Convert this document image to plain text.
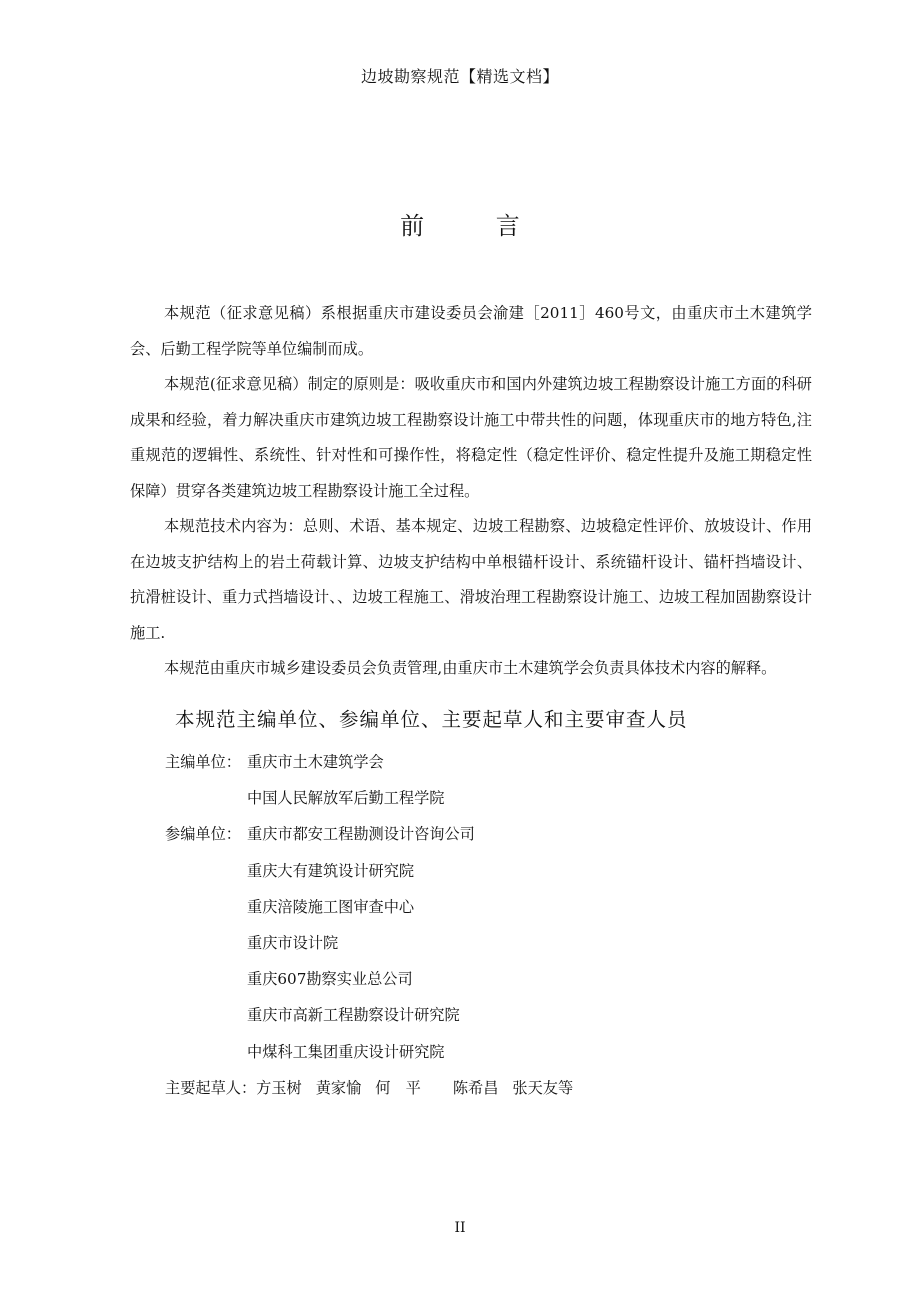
边坡勘察规范【精选文档】
前 言

本规范（征求意见稿）系根据重庆市建设委员会渝建［2011］460号文，由重庆市土木建筑学会、后勤工程学院等单位编制而成。

本规范(征求意见稿）制定的原则是：吸收重庆市和国内外建筑边坡工程勘察设计施工方面的科研成果和经验，着力解决重庆市建筑边坡工程勘察设计施工中带共性的问题，体现重庆市的地方特色,注重规范的逻辑性、系统性、针对性和可操作性，将稳定性（稳定性评价、稳定性提升及施工期稳定性保障）贯穿各类建筑边坡工程勘察设计施工全过程。

本规范技术内容为：总则、术语、基本规定、边坡工程勘察、边坡稳定性评价、放坡设计、作用在边坡支护结构上的岩土荷载计算、边坡支护结构中单根锚杆设计、系统锚杆设计、锚杆挡墙设计、抗滑桩设计、重力式挡墙设计、、边坡工程施工、滑坡治理工程勘察设计施工、边坡工程加固勘察设计施工.

本规范由重庆市城乡建设委员会负责管理,由重庆市土木建筑学会负责具体技术内容的解释。

本规范主编单位、参编单位、主要起草人和主要审查人员
主编单位： 重庆市土木建筑学会
中国人民解放军后勤工程学院
参编单位： 重庆市都安工程勘测设计咨询公司
重庆大有建筑设计研究院
重庆涪陵施工图审查中心
重庆市设计院
重庆607勘察实业总公司
重庆市高新工程勘察设计研究院
中煤科工集团重庆设计研究院
主要起草人： 方玉树 黄家愉 何　平 陈希昌 张天友等
II
